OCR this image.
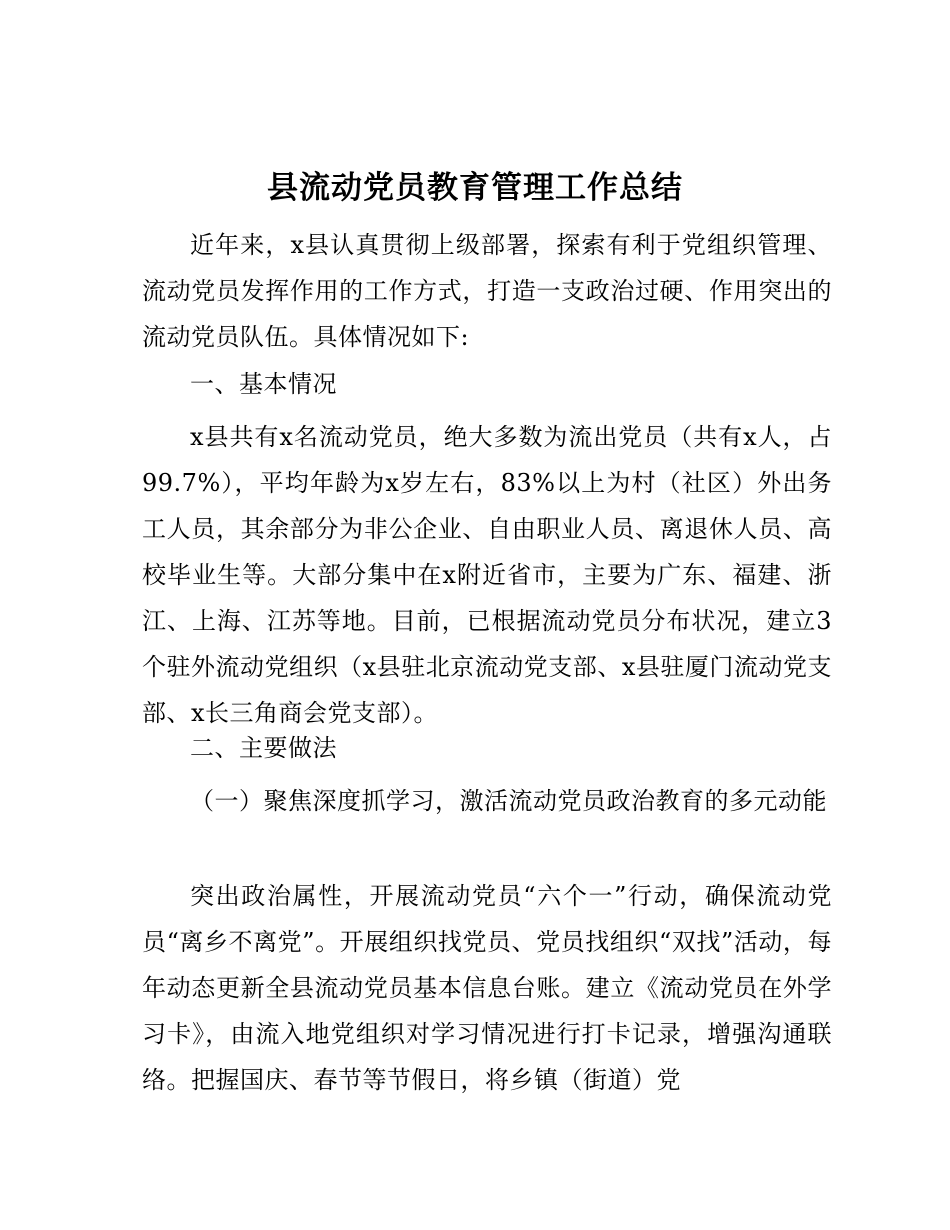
县流动党员教育管理工作总结

近年来，x县认真贯彻上级部署，探索有利于党组织管理、流动党员发挥作用的工作方式，打造一支政治过硬、作用突出的流动党员队伍。具体情况如下:

一、基本情况

x县共有x名流动党员，绝大多数为流出党员（共有x人，占99.7%），平均年龄为x岁左右，83%以上为村（社区）外出务工人员，其余部分为非公企业、自由职业人员、离退休人员、高校毕业生等。大部分集中在x附近省市，主要为广东、福建、浙江、上海、江苏等地。目前，已根据流动党员分布状况，建立3个驻外流动党组织（x县驻北京流动党支部、x县驻厦门流动党支部、x长三角商会党支部）。

二、主要做法

（一）聚焦深度抓学习，激活流动党员政治教育的多元动能

突出政治属性，开展流动党员“六个一”行动，确保流动党员“离乡不离党”。开展组织找党员、党员找组织“双找”活动，每年动态更新全县流动党员基本信息台账。建立《流动党员在外学习卡》，由流入地党组织对学习情况进行打卡记录，增强沟通联络。把握国庆、春节等节假日，将乡镇（街道）党
